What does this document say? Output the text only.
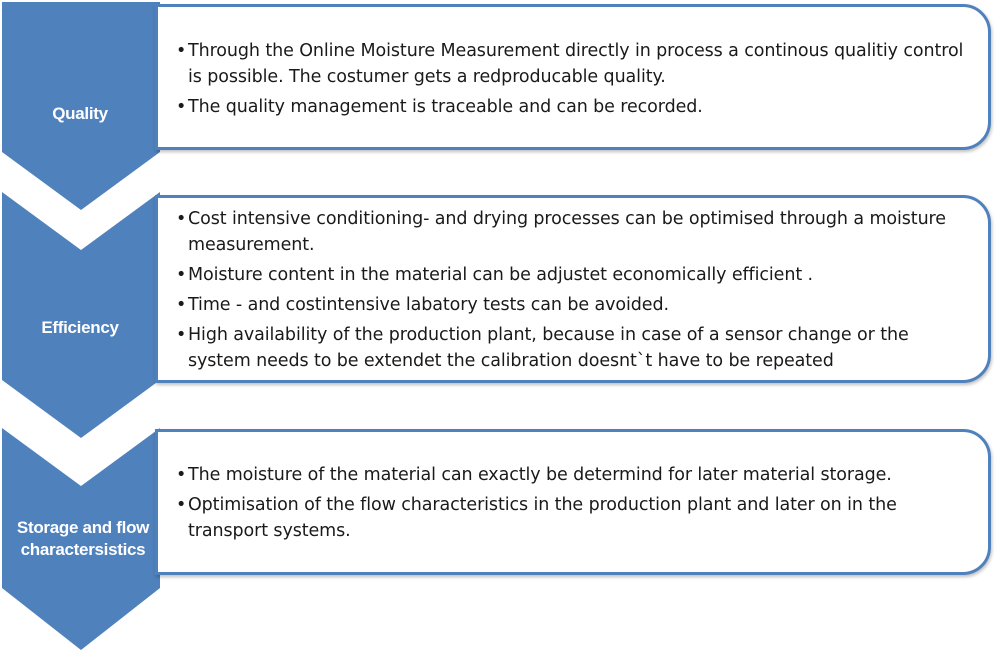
Quality
Efficiency
Storage and flow charactersistics
• Through the Online Moisture Measurement directly in process a continous qualitiy control is possible. The costumer gets a redproducable quality.
• The quality management is traceable and can be recorded.
• Cost intensive conditioning- and drying processes can be optimised through a moisture measurement.
• Moisture content in the material can be adjustet economically efficient .
• Time - and costintensive labatory tests can be avoided.
• High availability of the production plant, because in case of a sensor change or the system needs to be extendet the calibration doesnt`t have to be repeated
• The moisture of the material can exactly be determind for later material storage.
• Optimisation of the flow characteristics in the production plant and later on in the transport systems.
